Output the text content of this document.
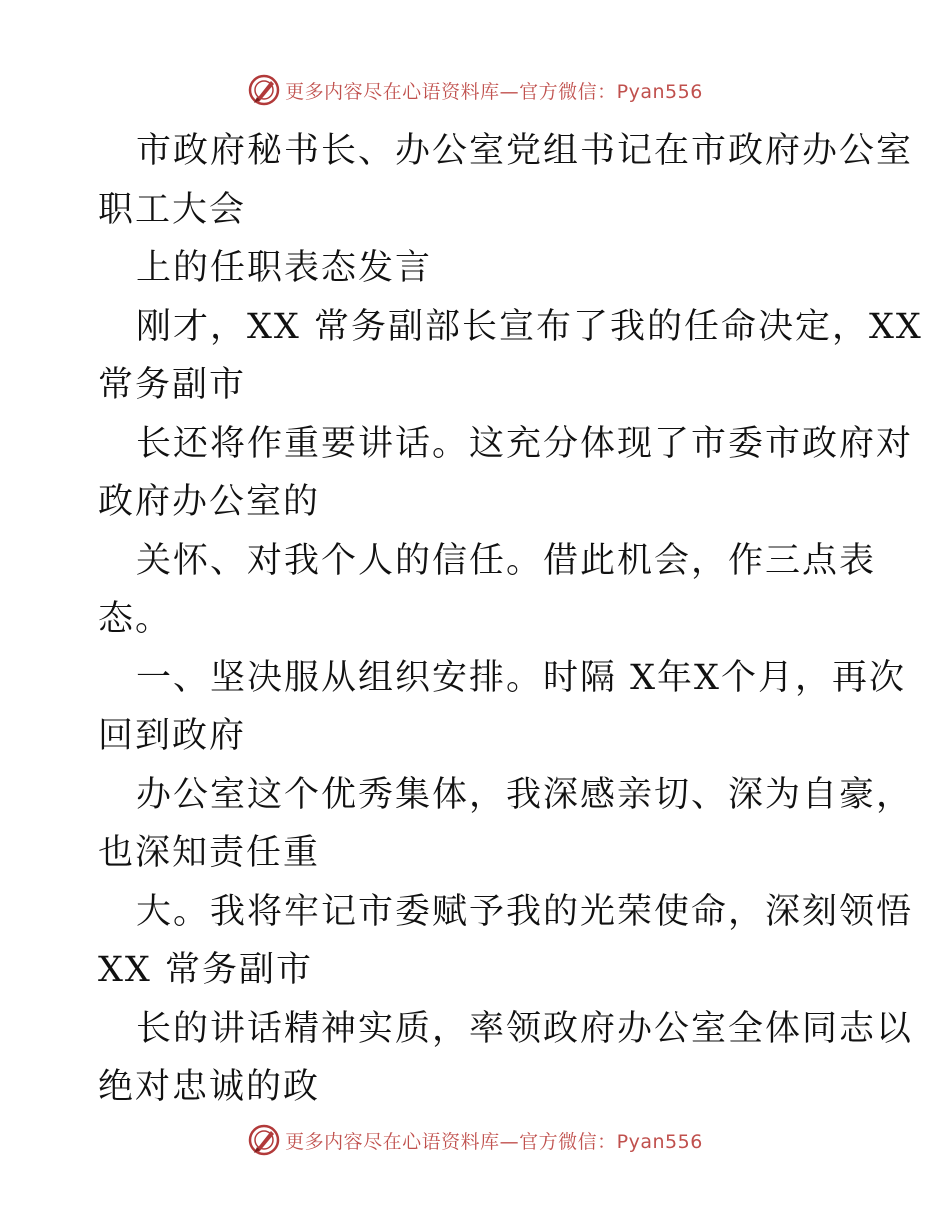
更多内容尽在心语资料库—官方微信：Pyan556
市政府秘书长、办公室党组书记在市政府办公室
职工大会
上的任职表态发言
刚才，XX 常务副部长宣布了我的任命决定，XX
常务副市
长还将作重要讲话。这充分体现了市委市政府对
政府办公室的
关怀、对我个人的信任。借此机会，作三点表
态。
一、坚决服从组织安排。时隔 X年X个月，再次
回到政府
办公室这个优秀集体，我深感亲切、深为自豪，
也深知责任重
大。我将牢记市委赋予我的光荣使命，深刻领悟
XX 常务副市
长的讲话精神实质，率领政府办公室全体同志以
绝对忠诚的政
更多内容尽在心语资料库—官方微信：Pyan556
